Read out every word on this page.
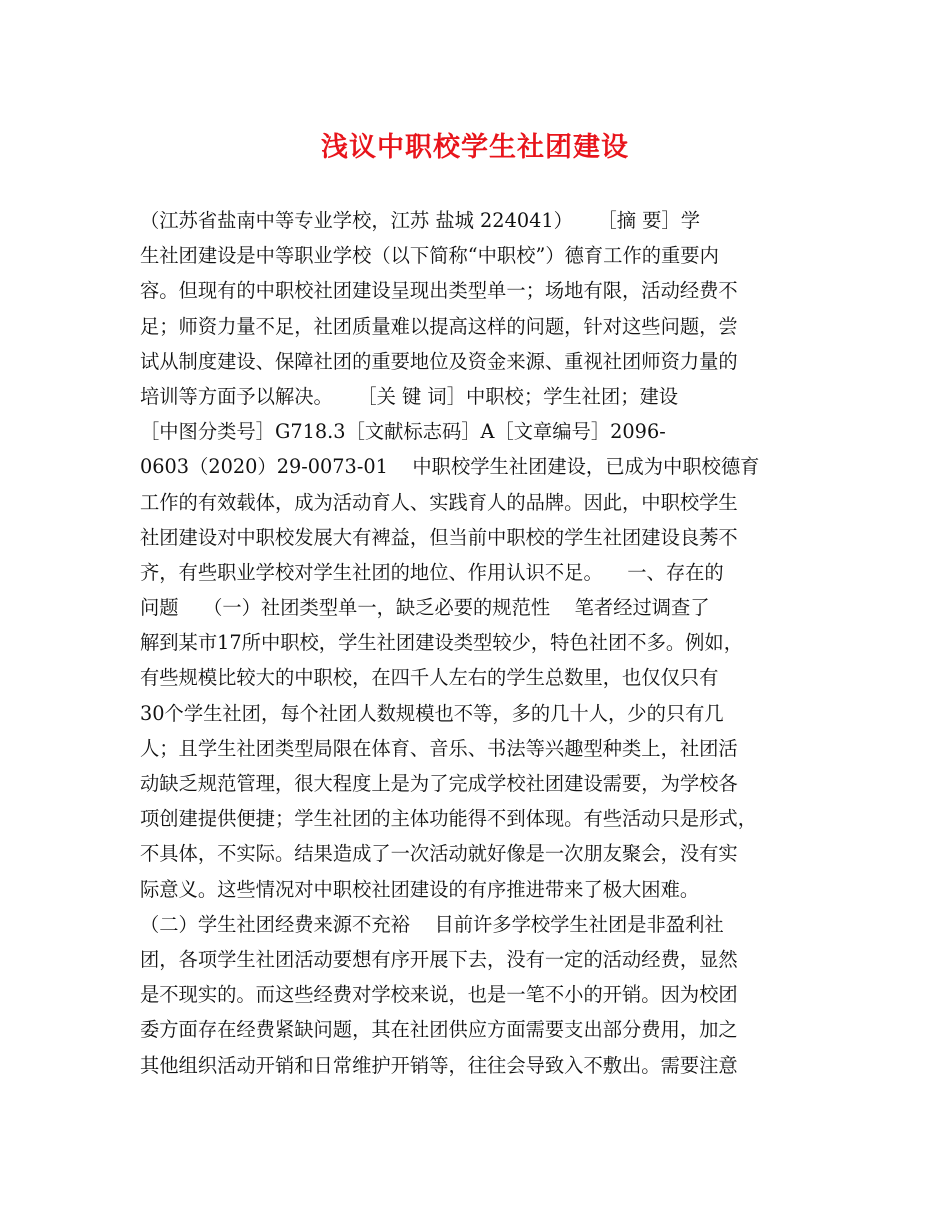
浅议中职校学生社团建设
（江苏省盐南中等专业学校，江苏 盐城 224041）    ［摘 要］学
生社团建设是中等职业学校（以下简称“中职校”）德育工作的重要内
容。但现有的中职校社团建设呈现出类型单一；场地有限，活动经费不
足；师资力量不足，社团质量难以提高这样的问题，针对这些问题，尝
试从制度建设、保障社团的重要地位及资金来源、重视社团师资力量的
培训等方面予以解决。    ［关 键 词］中职校；学生社团；建设
［中图分类号］G718.3［文献标志码］A［文章编号］2096-
0603（2020）29-0073-01    中职校学生社团建设，已成为中职校德育
工作的有效载体，成为活动育人、实践育人的品牌。因此，中职校学生
社团建设对中职校发展大有裨益，但当前中职校的学生社团建设良莠不
齐，有些职业学校对学生社团的地位、作用认识不足。    一、存在的
问题    （一）社团类型单一，缺乏必要的规范性    笔者经过调查了
解到某市17所中职校，学生社团建设类型较少，特色社团不多。例如，
有些规模比较大的中职校，在四千人左右的学生总数里，也仅仅只有
30个学生社团，每个社团人数规模也不等，多的几十人，少的只有几
人；且学生社团类型局限在体育、音乐、书法等兴趣型种类上，社团活
动缺乏规范管理，很大程度上是为了完成学校社团建设需要，为学校各
项创建提供便捷；学生社团的主体功能得不到体现。有些活动只是形式，
不具体，不实际。结果造成了一次活动就好像是一次朋友聚会，没有实
际意义。这些情况对中职校社团建设的有序推进带来了极大困难。
（二）学生社团经费来源不充裕    目前许多学校学生社团是非盈利社
团，各项学生社团活动要想有序开展下去，没有一定的活动经费，显然
是不现实的。而这些经费对学校来说，也是一笔不小的开销。因为校团
委方面存在经费紧缺问题，其在社团供应方面需要支出部分费用，加之
其他组织活动开销和日常维护开销等，往往会导致入不敷出。需要注意
